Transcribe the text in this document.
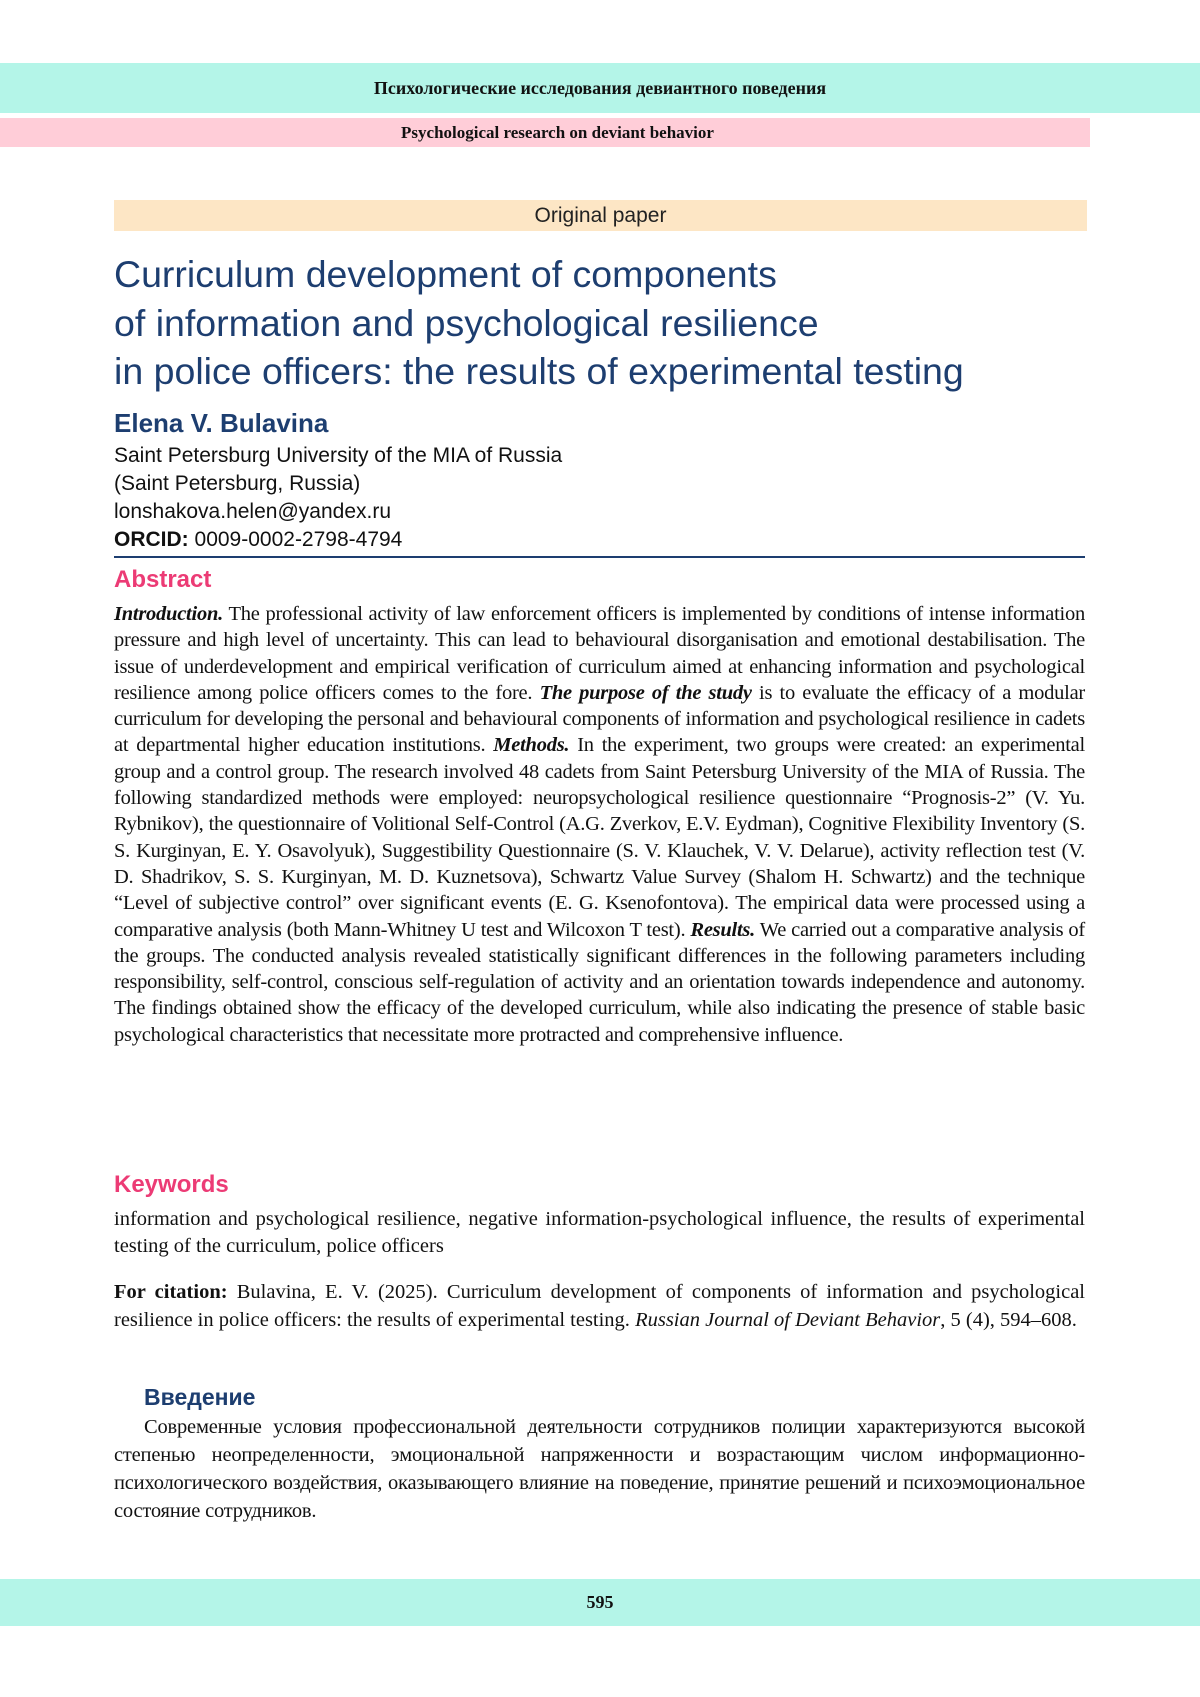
Психологические исследования девиантного поведения
Psychological research on deviant behavior
Original paper
Curriculum development of components
of information and psychological resilience
in police officers: the results of experimental testing
Elena V. Bulavina
Saint Petersburg University of the MIA of Russia
(Saint Petersburg, Russia)
lonshakova.helen@yandex.ru
ORCID: 0009-0002-2798-4794
Abstract
Introduction. The professional activity of law enforcement officers is implemented by conditions of intense information pressure and high level of uncertainty. This can lead to behavioural disorganisation and emotional destabilisation. The issue of underdevelopment and empirical verification of curriculum aimed at enhancing information and psychological resilience among police officers comes to the fore. The purpose of the study is to evaluate the efficacy of a modular curriculum for developing the personal and behavioural components of information and psychological resilience in cadets at departmental higher education institutions. Methods. In the experiment, two groups were created: an experimental group and a control group. The research involved 48 cadets from Saint Petersburg University of the MIA of Russia. The following standardized methods were employed: neuropsychological resilience questionnaire “Prognosis-2” (V. Yu. Rybnikov), the questionnaire of Volitional Self-Control (A.G. Zverkov, E.V. Eydman), Cognitive Flexibility Inventory (S. S. Kurginyan, E. Y. Osavolyuk), Suggestibility Questionnaire (S. V. Klauchek, V. V. Delarue), activity reflection test (V. D. Shadrikov, S. S. Kurginyan, M. D. Kuznetsova), Schwartz Value Survey (Shalom H. Schwartz) and the technique “Level of subjective control” over significant events (E. G. Ksenofontova). The empirical data were processed using a comparative analysis (both Mann-Whitney U test and Wilcoxon T test). Results. We carried out a comparative analysis of the groups. The conducted analysis revealed statistically significant differences in the following parameters including responsibility, self-control, conscious self-regulation of activity and an orientation towards independence and autonomy. The findings obtained show the efficacy of the developed curriculum, while also indicating the presence of stable basic psychological characteristics that necessitate more protracted and comprehensive influence.
Keywords
information and psychological resilience, negative information-psychological influence, the results of experimental testing of the curriculum, police officers
For citation: Bulavina, E. V. (2025). Curriculum development of components of information and psychological resilience in police officers: the results of experimental testing. Russian Journal of Deviant Behavior, 5 (4), 594–608.
Введение
Современные условия профессиональной деятельности сотрудников полиции характеризуются высокой степенью неопределенности, эмоциональной напряженности и возрастающим числом информационно-психологического воздействия, оказывающего влияние на поведение, принятие решений и психоэмоциональное состояние сотрудников.
595
